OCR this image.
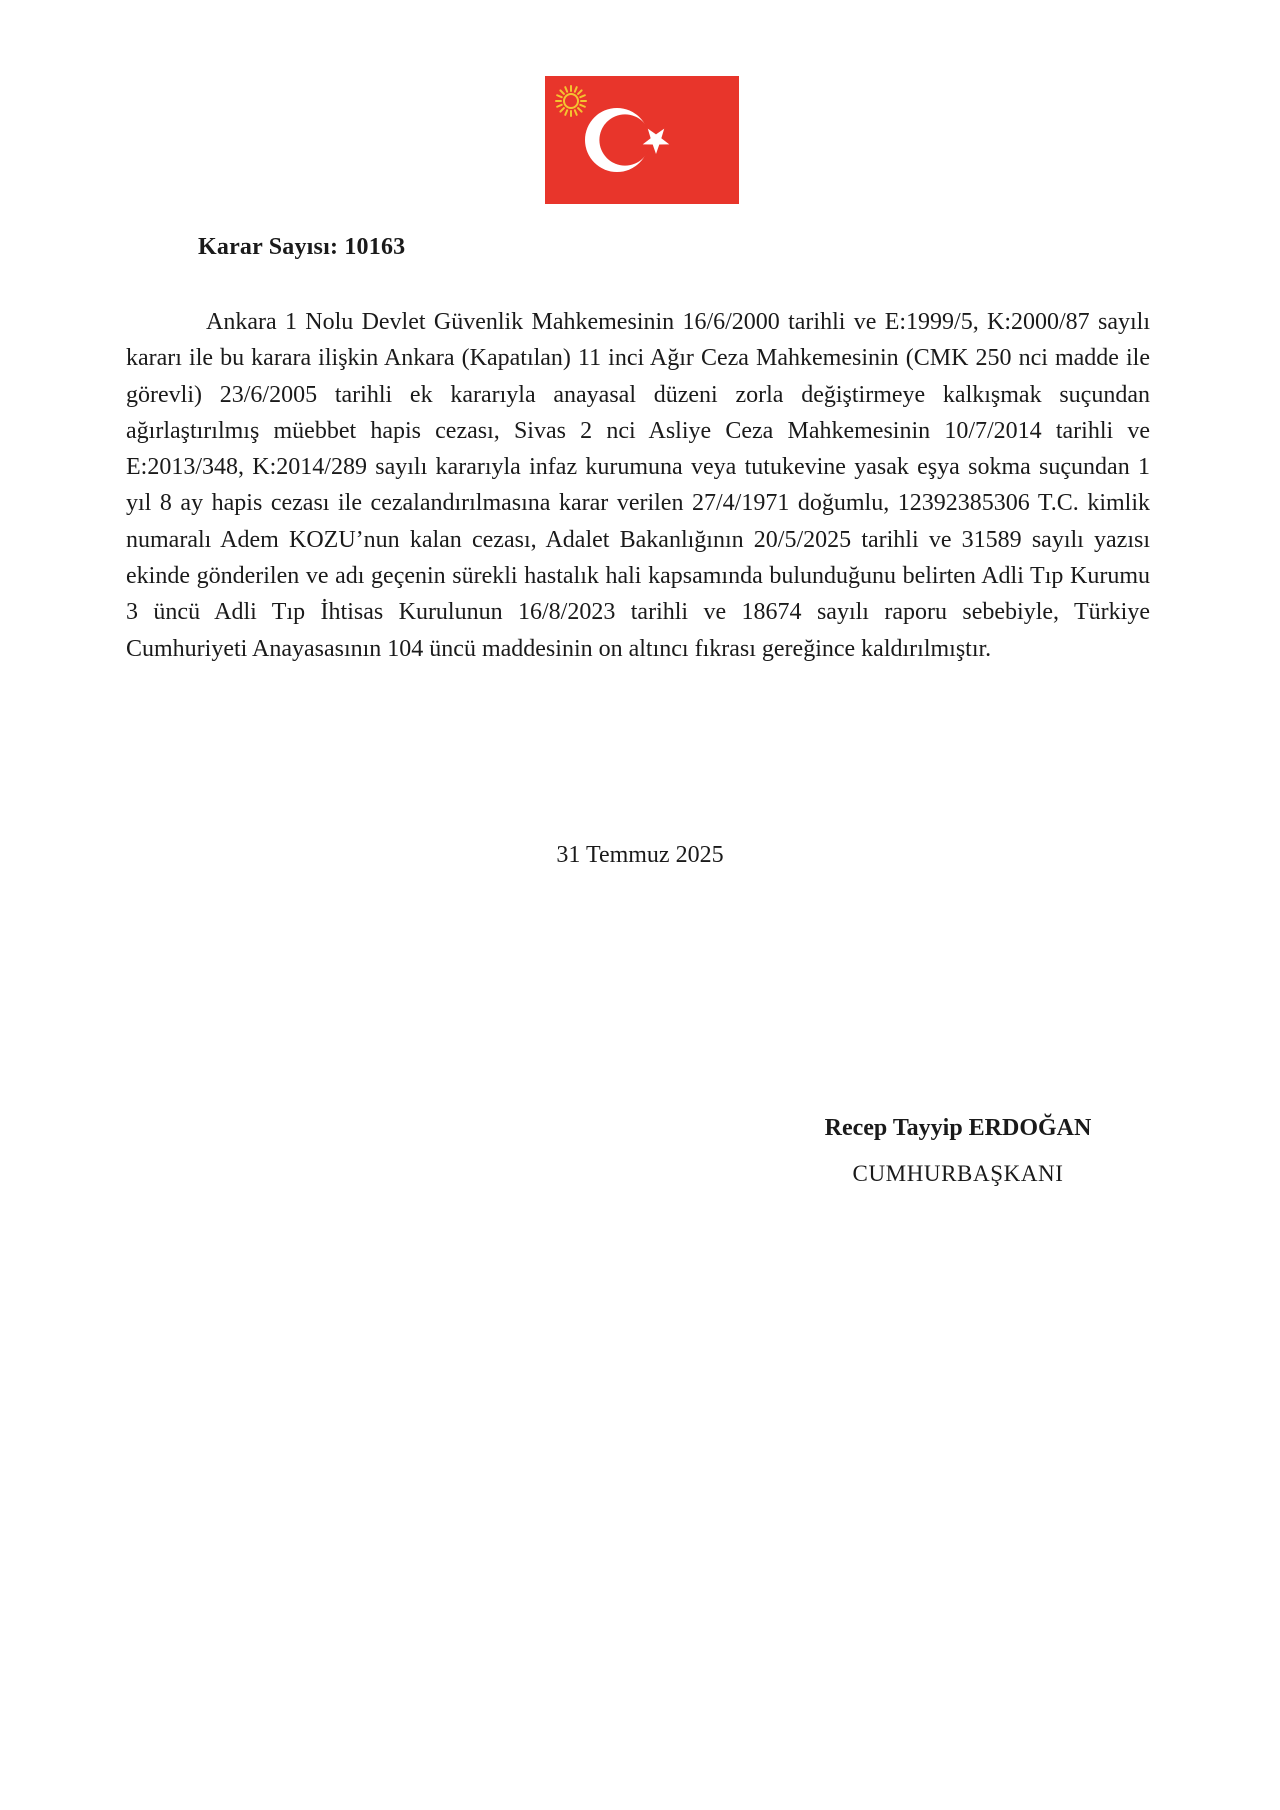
Karar Sayısı: 10163

Ankara 1 Nolu Devlet Güvenlik Mahkemesinin 16/6/2000 tarihli ve E:1999/5, K:2000/87 sayılı kararı ile bu karara ilişkin Ankara (Kapatılan) 11 inci Ağır Ceza Mahkemesinin (CMK 250 nci madde ile görevli) 23/6/2005 tarihli ek kararıyla anayasal düzeni zorla değiştirmeye kalkışmak suçundan ağırlaştırılmış müebbet hapis cezası, Sivas 2 nci Asliye Ceza Mahkemesinin 10/7/2014 tarihli ve E:2013/348, K:2014/289 sayılı kararıyla infaz kurumuna veya tutukevine yasak eşya sokma suçundan 1 yıl 8 ay hapis cezası ile cezalandırılmasına karar verilen 27/4/1971 doğumlu, 12392385306 T.C. kimlik numaralı Adem KOZU’nun kalan cezası, Adalet Bakanlığının 20/5/2025 tarihli ve 31589 sayılı yazısı ekinde gönderilen ve adı geçenin sürekli hastalık hali kapsamında bulunduğunu belirten Adli Tıp Kurumu 3 üncü Adli Tıp İhtisas Kurulunun 16/8/2023 tarihli ve 18674 sayılı raporu sebebiyle, Türkiye Cumhuriyeti Anayasasının 104 üncü maddesinin on altıncı fıkrası gereğince kaldırılmıştır.

31 Temmuz 2025
Recep Tayyip ERDOĞAN
CUMHURBAŞKANI
